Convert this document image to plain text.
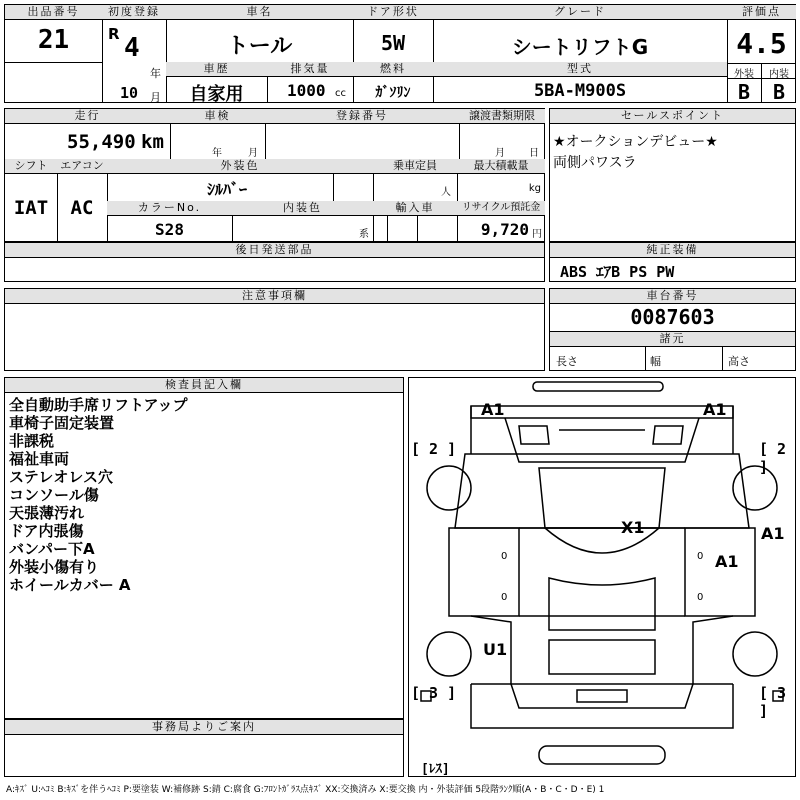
出品番号
21
初度登録
R 4
年
10 月
車名
トール
ドア形状
5W
グレード
シートリフトG
評価点
4.5
外装	内装
B	B
車歴
自家用
排気量
1000 cc
燃料
ｶﾞｿﾘﾝ
型式
5BA-M900S
走行
55,490 km
車検
年	月
登録番号	譲渡書類期限
月 日
シフト
IAT
エアコン
AC
外装色
ｼﾙﾊﾞｰ
乗車定員
人
最大積載量
kg
カラーNo.
S28
内装色
系
輸入車	リサイクル預託金
9,720 円
セールスポイント
★オークションデビュー★
両側パワスラ
後日発送部品	純正装備
ABS ｴｱB PS PW
注意事項欄	車台番号
0087603
諸元
長さ	幅	高さ
検査員記入欄
全自動助手席リフトアップ
車椅子固定装置
非課税
福祉車両
ステレオレス穴
コンソール傷
天張薄汚れ
ドア内張傷
バンパー下A
外装小傷有り
ホイールカバー A
事務局よりご案内
A1	A1
X1	A1
A1
U1
0	0
0	0
[ 2 ]	[ 2 ]
[ 3 ]	[ 3 ]
[ﾚｽ]
A:ｷｽﾞ U:ﾍｺﾐ B:ｷｽﾞを伴うﾍｺﾐ P:要塗装 W:補修跡 S:錆 C:腐食 G:ﾌﾛﾝﾄｶﾞﾗｽ点ｷｽﾞ XX:交換済み X:要交換 内・外装評価 5段階ﾗﾝｸ順(A・B・C・D・E) 1
